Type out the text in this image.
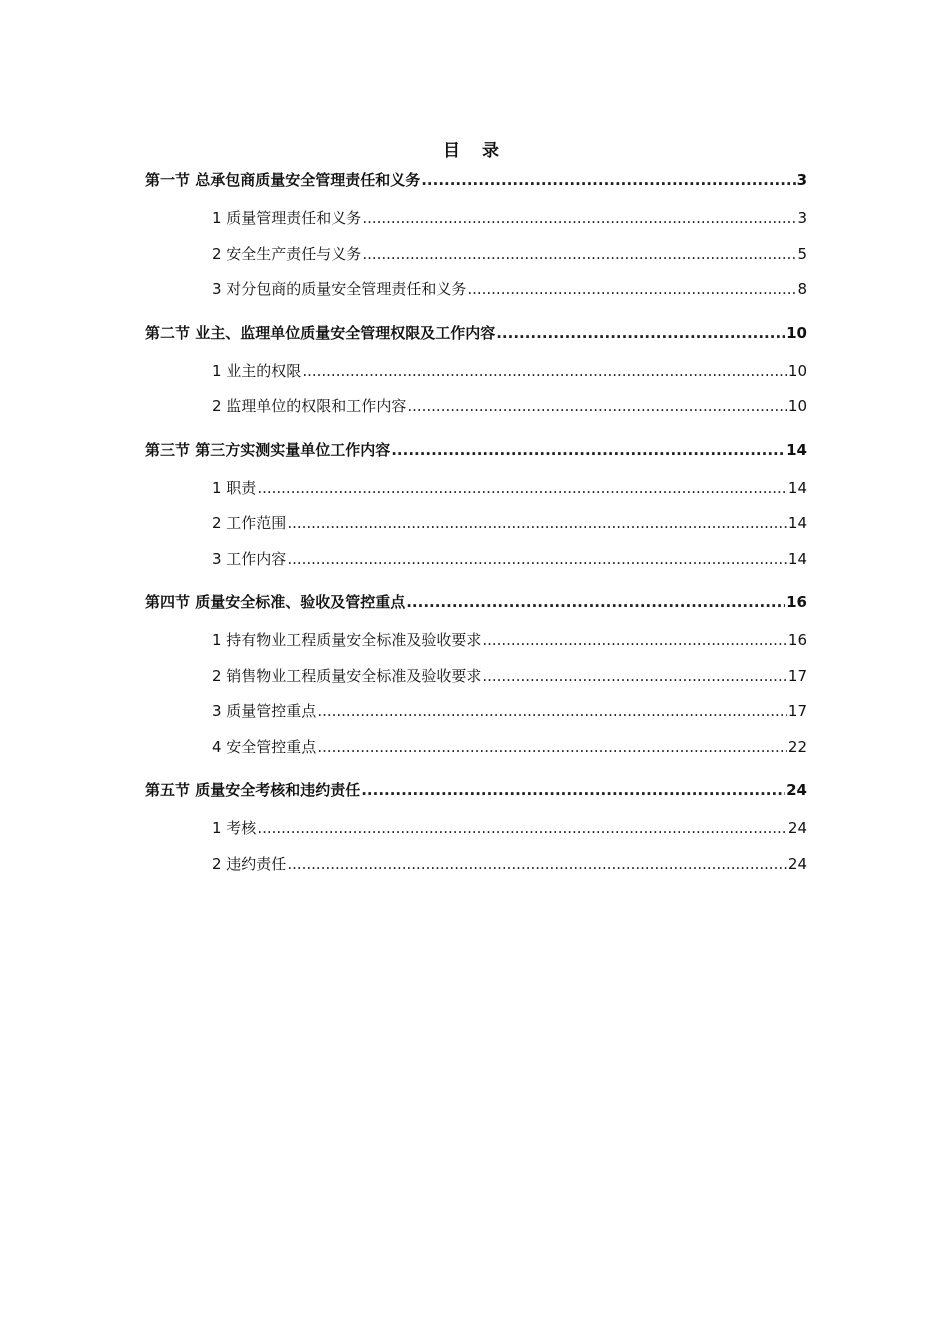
目 录
第一节 总承包商质量安全管理责任和义务 .....	3
1 质量管理责任和义务 .....	3
2 安全生产责任与义务 .....	5
3 对分包商的质量安全管理责任和义务 .....	8
第二节 业主、监理单位质量安全管理权限及工作内容 .....	10
1 业主的权限 .....	10
2 监理单位的权限和工作内容 .....	10
第三节 第三方实测实量单位工作内容 .....	14
1 职责 .....	14
2 工作范围 .....	14
3 工作内容 .....	14
第四节 质量安全标准、验收及管控重点 .....	16
1 持有物业工程质量安全标准及验收要求 .....	16
2 销售物业工程质量安全标准及验收要求 .....	17
3 质量管控重点 .....	17
4 安全管控重点 .....	22
第五节 质量安全考核和违约责任 .....	24
1 考核 .....	24
2 违约责任 .....	24
